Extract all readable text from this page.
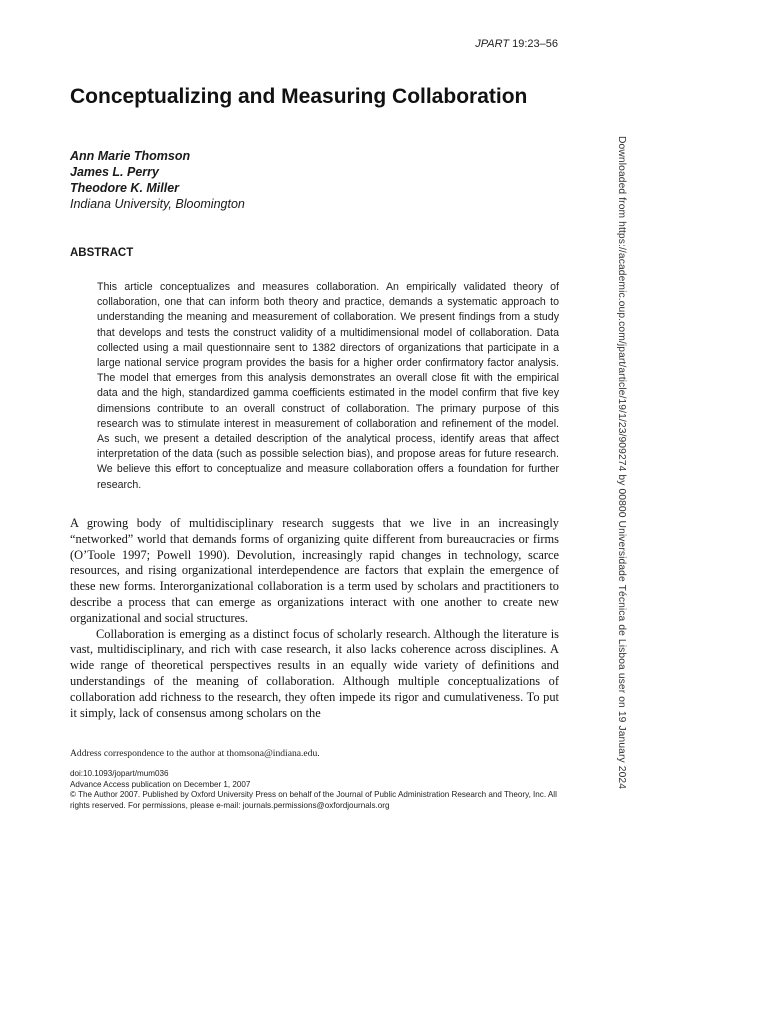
JPART 19:23–56
Conceptualizing and Measuring Collaboration
Ann Marie Thomson
James L. Perry
Theodore K. Miller
Indiana University, Bloomington
ABSTRACT

This article conceptualizes and measures collaboration. An empirically validated theory of collaboration, one that can inform both theory and practice, demands a systematic approach to understanding the meaning and measurement of collaboration. We present findings from a study that develops and tests the construct validity of a multidimensional model of collaboration. Data collected using a mail questionnaire sent to 1382 directors of organizations that participate in a large national service program provides the basis for a higher order confirmatory factor analysis. The model that emerges from this analysis demonstrates an overall close fit with the empirical data and the high, standardized gamma coefficients estimated in the model confirm that five key dimensions contribute to an overall construct of collaboration. The primary purpose of this research was to stimulate interest in measurement of collaboration and refinement of the model. As such, we present a detailed description of the analytical process, identify areas that affect interpretation of the data (such as possible selection bias), and propose areas for future research. We believe this effort to conceptualize and measure collaboration offers a foundation for further research.

A growing body of multidisciplinary research suggests that we live in an increasingly “networked” world that demands forms of organizing quite different from bureaucracies or firms (O’Toole 1997; Powell 1990). Devolution, increasingly rapid changes in technology, scarce resources, and rising organizational interdependence are factors that explain the emergence of these new forms. Interorganizational collaboration is a term used by scholars and practitioners to describe a process that can emerge as organizations interact with one another to create new organizational and social structures.

Collaboration is emerging as a distinct focus of scholarly research. Although the literature is vast, multidisciplinary, and rich with case research, it also lacks coherence across disciplines. A wide range of theoretical perspectives results in an equally wide variety of definitions and understandings of the meaning of collaboration. Although multiple conceptualizations of collaboration add richness to the research, they often impede its rigor and cumulativeness. To put it simply, lack of consensus among scholars on the

Address correspondence to the author at thomsona@indiana.edu.
doi:10.1093/jopart/mum036
Advance Access publication on December 1, 2007
© The Author 2007. Published by Oxford University Press on behalf of the Journal of Public Administration Research and Theory, Inc. All rights reserved. For permissions, please e-mail: journals.permissions@oxfordjournals.org
Downloaded from https://academic.oup.com/jpart/article/19/1/23/909274 by 00800 Universidade Técnica de Lisboa user on 19 January 2024
